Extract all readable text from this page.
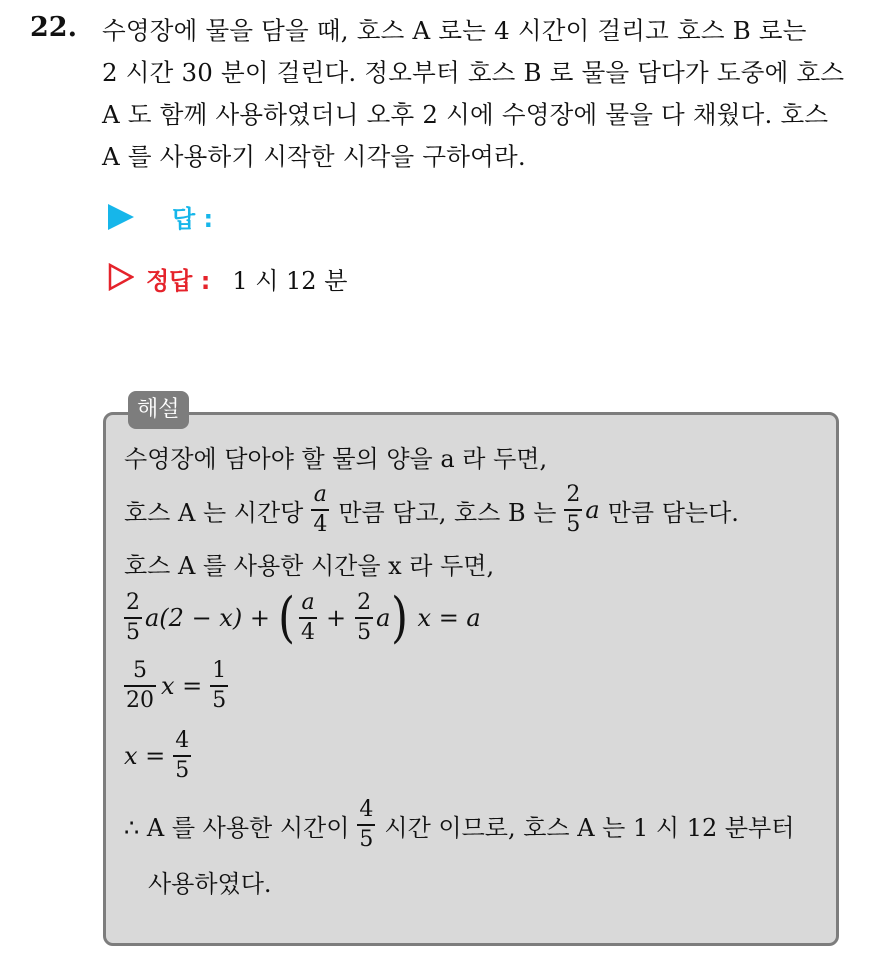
22. 수영장에 물을 담을 때, 호스 A 로는 4 시간이 걸리고 호스 B 로는
2 시간 30 분이 걸린다. 정오부터 호스 B 로 물을 담다가 도중에 호스
A 도 함께 사용하였더니 오후 2 시에 수영장에 물을 다 채웠다. 호스
A 를 사용하기 시작한 시각을 구하여라.
답 :
정답 : 1 시 12 분
해설
수영장에 담아야 할 물의 양을 a 라 두면,
호스 A 는 시간당 $\frac{a}{4}$ 만큼 담고, 호스 B 는 $\frac{2}{5}$ a 만큼 담는다.
호스 A 를 사용한 시간을 x 라 두면,
$\frac{2}{5} a(2 - x)$ + ( $\frac{a}{4} + \frac{2}{5}$ a ) x = a
$\frac{5}{20}$ $x = \frac{1}{5}$
$x = \frac{4}{5}$
∴ A 를 사용한 시간이 $\frac{4}{5}$ 시간 이므로, 호스 A 는 1 시 12 분부터
사용하였다.
